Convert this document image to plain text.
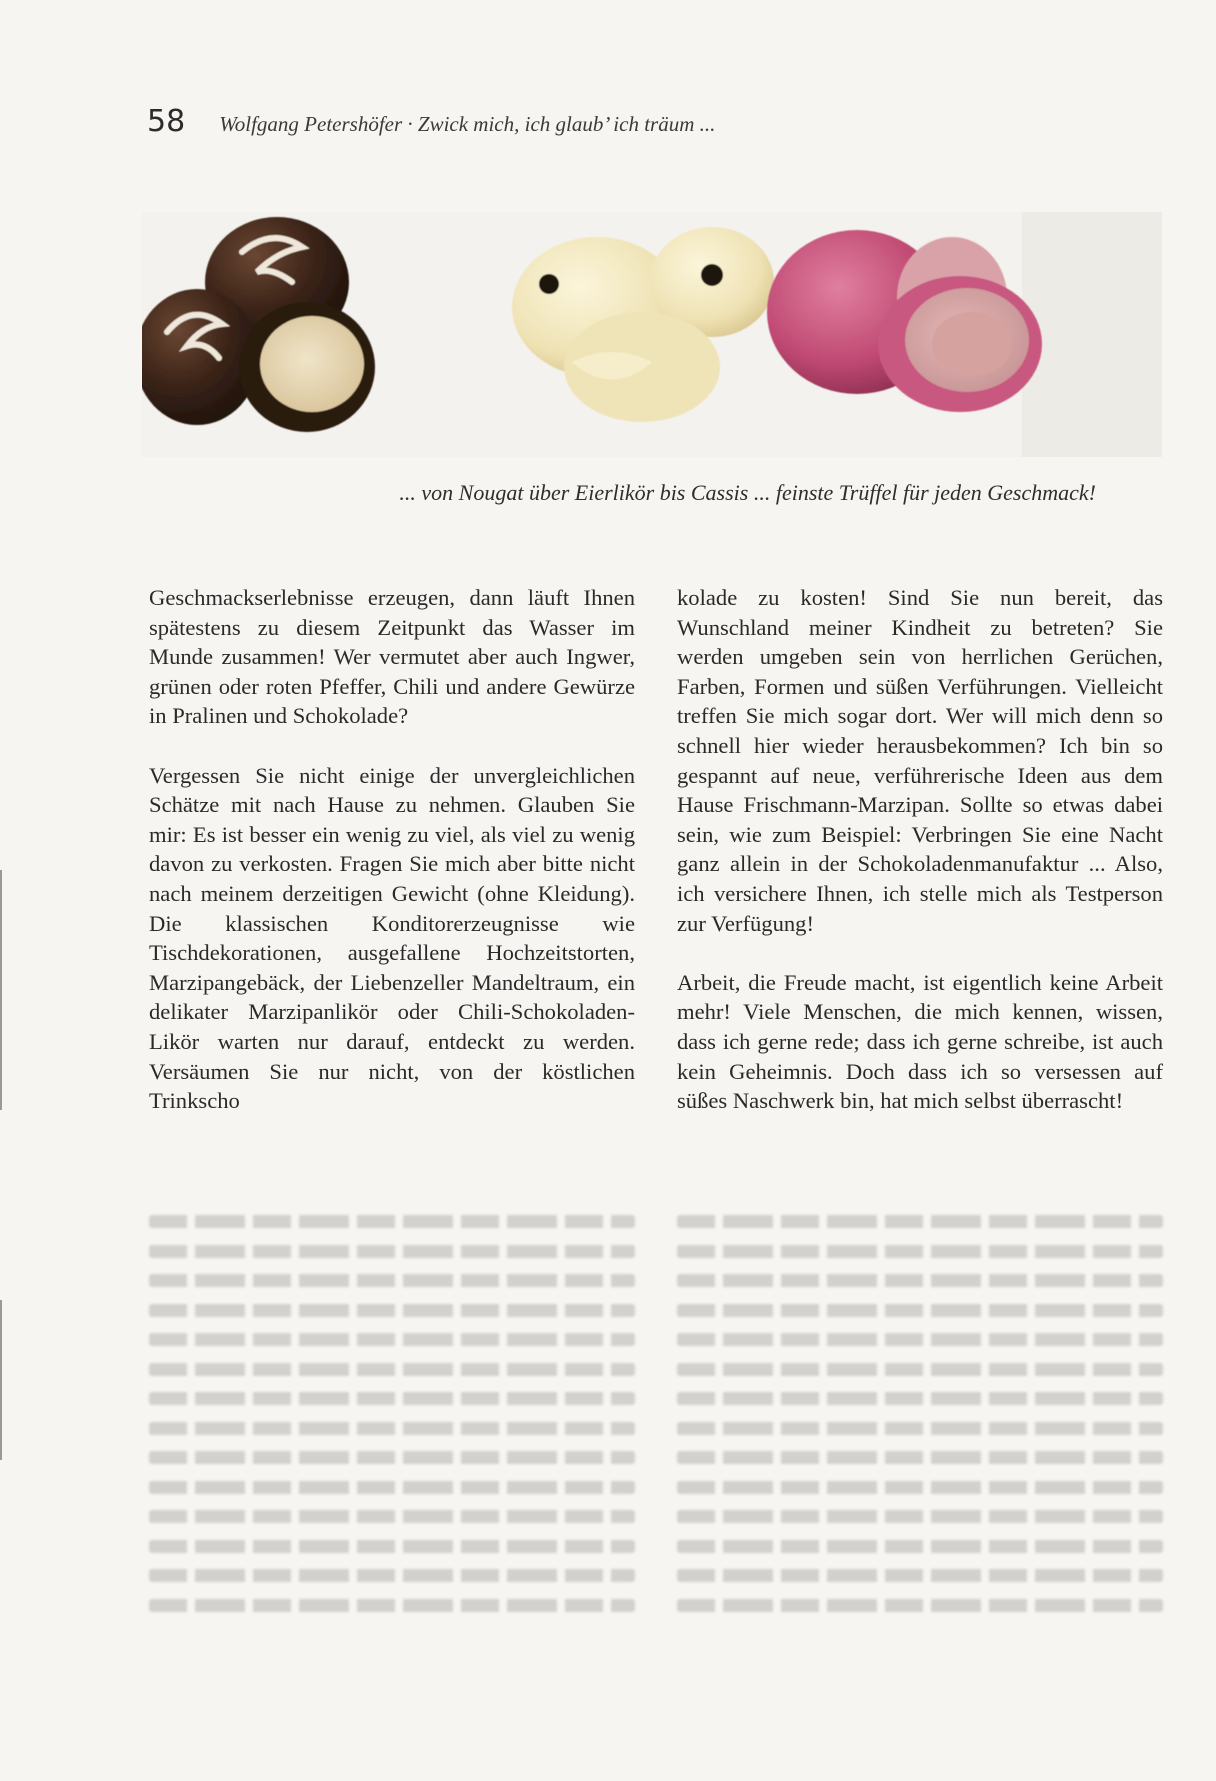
58 Wolfgang Petershöfer · Zwick mich, ich glaub’ ich träum ...
... von Nougat über Eierlikör bis Cassis ... feinste Trüffel für jeden Geschmack!

Geschmackserlebnisse erzeugen, dann läuft Ihnen spätestens zu diesem Zeitpunkt das Wasser im Munde zusammen! Wer vermutet aber auch Ingwer, grünen oder roten Pfeffer, Chili und andere Gewürze in Pralinen und Schokolade?

Vergessen Sie nicht einige der unvergleichlichen Schätze mit nach Hause zu nehmen. Glauben Sie mir: Es ist besser ein wenig zu viel, als viel zu wenig davon zu verkosten. Fragen Sie mich aber bitte nicht nach meinem derzeitigen Gewicht (ohne Kleidung). Die klassischen Konditorerzeugnisse wie Tischdekorationen, ausgefallene Hochzeitstorten, Marzipangebäck, der Liebenzeller Mandeltraum, ein delikater Marzipanlikör oder Chili-Schokoladen-Likör warten nur darauf, entdeckt zu werden. Versäumen Sie nur nicht, von der köstlichen Trinkscho

kolade zu kosten! Sind Sie nun bereit, das Wunschland meiner Kindheit zu betreten? Sie werden umgeben sein von herrlichen Gerüchen, Farben, Formen und süßen Verführungen. Vielleicht treffen Sie mich sogar dort. Wer will mich denn so schnell hier wieder herausbekommen? Ich bin so gespannt auf neue, verführerische Ideen aus dem Hause Frischmann-Marzipan. Sollte so etwas dabei sein, wie zum Beispiel: Verbringen Sie eine Nacht ganz allein in der Schokoladenmanufaktur ... Also, ich versichere Ihnen, ich stelle mich als Testperson zur Verfügung!

Arbeit, die Freude macht, ist eigentlich keine Arbeit mehr! Viele Menschen, die mich kennen, wissen, dass ich gerne rede; dass ich gerne schreibe, ist auch kein Geheimnis. Doch dass ich so versessen auf süßes Naschwerk bin, hat mich selbst überrascht!
